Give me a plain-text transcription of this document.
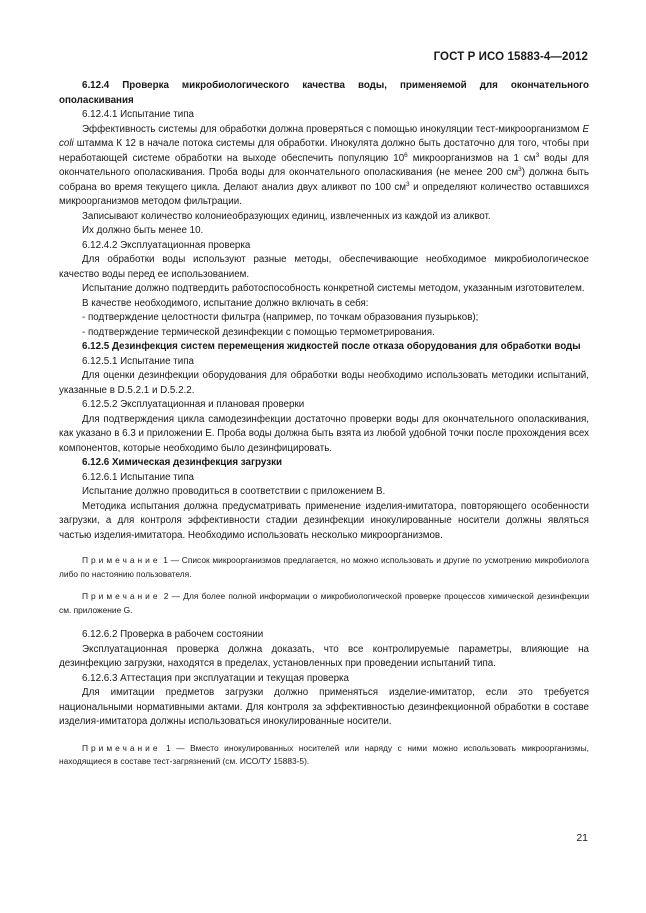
ГОСТ Р ИСО 15883-4—2012

6.12.4 Проверка микробиологического качества воды, применяемой для окончательного ополаскивания

6.12.4.1 Испытание типа

Эффективность системы для обработки должна проверяться с помощью инокуляции тест-микроорганизмом E coli штамма К 12 в начале потока системы для обработки. Инокулята должно быть достаточно для того, чтобы при неработающей системе обработки на выходе обеспечить популяцию $10^6$ микроорганизмов на 1 $см^3$ воды для окончательного ополаскивания. Проба воды для окончательного ополаскивания (не менее 200 $см^3$) должна быть собрана во время текущего цикла. Делают анализ двух аликвот по 100 $см^3$ и определяют количество оставшихся микроорганизмов методом фильтрации.

Записывают количество колониеобразующих единиц, извлеченных из каждой из аликвот.

Их должно быть менее 10.

6.12.4.2 Эксплуатационная проверка

Для обработки воды используют разные методы, обеспечивающие необходимое микробиологическое качество воды перед ее использованием.

Испытание должно подтвердить работоспособность конкретной системы методом, указанным изготовителем.

В качестве необходимого, испытание должно включать в себя:

- подтверждение целостности фильтра (например, по точкам образования пузырьков);

- подтверждение термической дезинфекции с помощью термометрирования.

6.12.5 Дезинфекция систем перемещения жидкостей после отказа оборудования для обработки воды

6.12.5.1 Испытание типа

Для оценки дезинфекции оборудования для обработки воды необходимо использовать методики испытаний, указанные в D.5.2.1 и D.5.2.2.

6.12.5.2 Эксплуатационная и плановая проверки

Для подтверждения цикла самодезинфекции достаточно проверки воды для окончательного ополаскивания, как указано в 6.3 и приложении Е. Проба воды должна быть взята из любой удобной точки после прохождения всех компонентов, которые необходимо было дезинфицировать.

6.12.6 Химическая дезинфекция загрузки

6.12.6.1 Испытание типа

Испытание должно проводиться в соответствии с приложением В.

Методика испытания должна предусматривать применение изделия-имитатора, повторяющего особенности загрузки, а для контроля эффективности стадии дезинфекции инокулированные носители должны являться частью изделия-имитатора. Необходимо использовать несколько микроорганизмов.

Примечание 1 — Список микроорганизмов предлагается, но можно использовать и другие по усмотрению микробиолога либо по настоянию пользователя.

Примечание 2 — Для более полной информации о микробиологической проверке процессов химической дезинфекции см. приложение G.

6.12.6.2 Проверка в рабочем состоянии

Эксплуатационная проверка должна доказать, что все контролируемые параметры, влияющие на дезинфекцию загрузки, находятся в пределах, установленных при проведении испытаний типа.

6.12.6.3 Аттестация при эксплуатации и текущая проверка

Для имитации предметов загрузки должно применяться изделие-имитатор, если это требуется национальными нормативными актами. Для контроля за эффективностью дезинфекционной обработки в составе изделия-имитатора должны использоваться инокулированные носители.

Примечание 1 — Вместо инокулированных носителей или наряду с ними можно использовать микроорганизмы, находящиеся в составе тест-загрязнений (см. ИСО/ТУ 15883-5).

21
